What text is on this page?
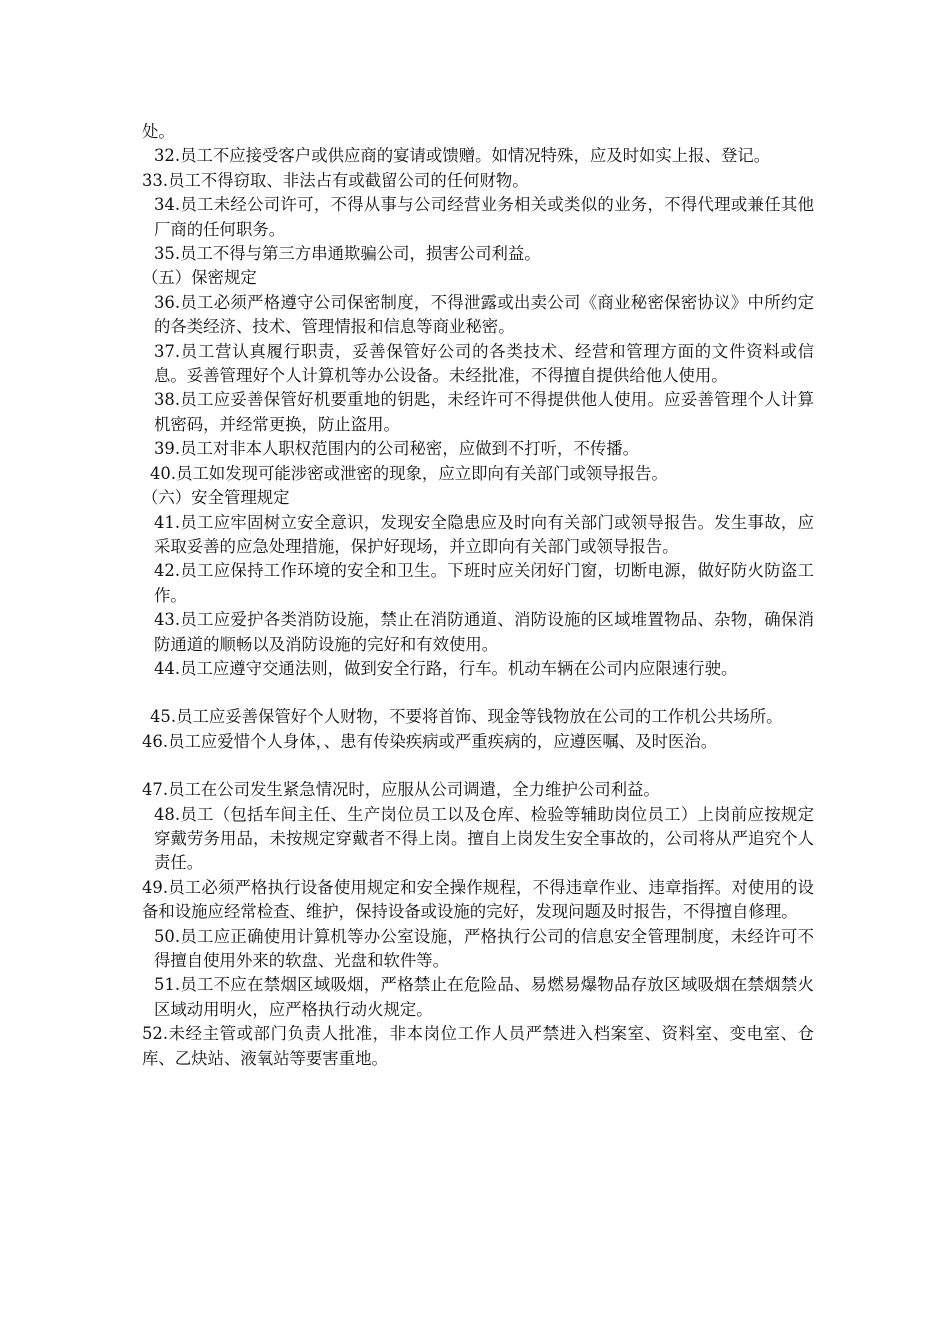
处。

32.员工不应接受客户或供应商的宴请或馈赠。如情况特殊，应及时如实上报、登记。

33.员工不得窃取、非法占有或截留公司的任何财物。

34.员工未经公司许可，不得从事与公司经营业务相关或类似的业务，不得代理或兼任其他厂商的任何职务。

35.员工不得与第三方串通欺骗公司，损害公司利益。

（五）保密规定

36.员工必须严格遵守公司保密制度，不得泄露或出卖公司《商业秘密保密协议》中所约定的各类经济、技术、管理情报和信息等商业秘密。

37.员工营认真履行职责，妥善保管好公司的各类技术、经营和管理方面的文件资料或信息。妥善管理好个人计算机等办公设备。未经批准，不得擅自提供给他人使用。

38.员工应妥善保管好机要重地的钥匙，未经许可不得提供他人使用。应妥善管理个人计算机密码，并经常更换，防止盗用。

39.员工对非本人职权范围内的公司秘密，应做到不打听，不传播。

40.员工如发现可能涉密或泄密的现象，应立即向有关部门或领导报告。

（六）安全管理规定

41.员工应牢固树立安全意识，发现安全隐患应及时向有关部门或领导报告。发生事故，应采取妥善的应急处理措施，保护好现场，并立即向有关部门或领导报告。

42.员工应保持工作环境的安全和卫生。下班时应关闭好门窗，切断电源，做好防火防盗工作。

43.员工应爱护各类消防设施，禁止在消防通道、消防设施的区域堆置物品、杂物，确保消防通道的顺畅以及消防设施的完好和有效使用。

44.员工应遵守交通法则，做到安全行路，行车。机动车辆在公司内应限速行驶。

45.员工应妥善保管好个人财物，不要将首饰、现金等钱物放在公司的工作机公共场所。

46.员工应爱惜个人身体，、患有传染疾病或严重疾病的，应遵医嘱、及时医治。

47.员工在公司发生紧急情况时，应服从公司调遣，全力维护公司利益。

48.员工（包括车间主任、生产岗位员工以及仓库、检验等辅助岗位员工）上岗前应按规定穿戴劳务用品，未按规定穿戴者不得上岗。擅自上岗发生安全事故的，公司将从严追究个人责任。

49.员工必须严格执行设备使用规定和安全操作规程，不得违章作业、违章指挥。对使用的设备和设施应经常检查、维护，保持设备或设施的完好，发现问题及时报告，不得擅自修理。

50.员工应正确使用计算机等办公室设施，严格执行公司的信息安全管理制度，未经许可不得擅自使用外来的软盘、光盘和软件等。

51.员工不应在禁烟区域吸烟，严格禁止在危险品、易燃易爆物品存放区域吸烟在禁烟禁火区域动用明火，应严格执行动火规定。

52.未经主管或部门负责人批准，非本岗位工作人员严禁进入档案室、资料室、变电室、仓库、乙炔站、液氧站等要害重地。
